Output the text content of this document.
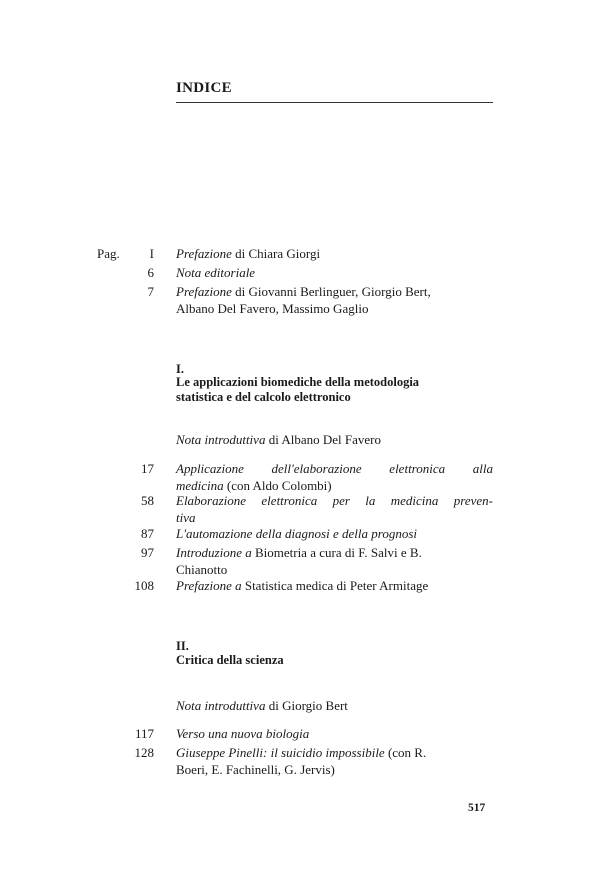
INDICE
Pag.	I Prefazione di Chiara Giorgi
6 Nota editoriale
7 Prefazione di Giovanni Berlinguer, Giorgio Bert,
Albano Del Favero, Massimo Gaglio
I.
Le applicazioni biomediche della metodologia
statistica e del calcolo elettronico
Nota introduttiva di Albano Del Favero
17 Applicazione dell'elaborazione elettronica alla
medicina (con Aldo Colombi)
58 Elaborazione elettronica per la medicina preven-
tiva
87 L'automazione della diagnosi e della prognosi
97 Introduzione a Biometria a cura di F. Salvi e B.
Chianotto
108 Prefazione a Statistica medica di Peter Armitage
II.
Critica della scienza
Nota introduttiva di Giorgio Bert
117 Verso una nuova biologia
128 Giuseppe Pinelli: il suicidio impossibile (con R.
Boeri, E. Fachinelli, G. Jervis)
517
